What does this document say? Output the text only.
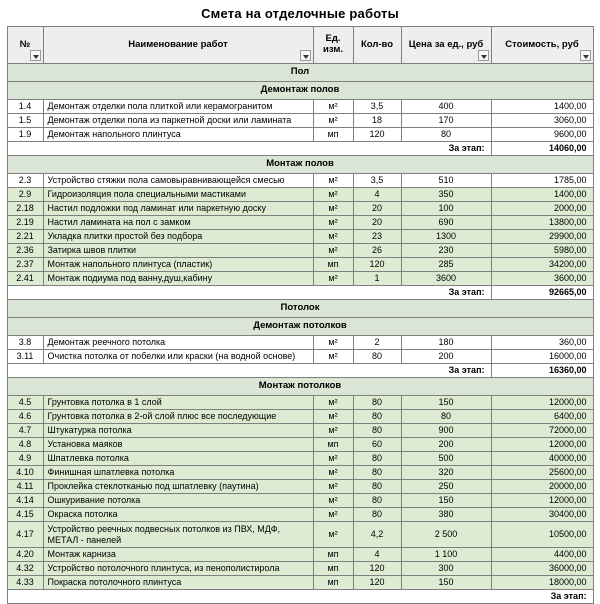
Смета на отделочные работы
№	Наименование работ	Ед. изм.	Кол-во	Цена за ед., руб	Стоимость, руб

Пол					
Демонтаж полов					
1.4	Демонтаж отделки пола плиткой или керамогранитом	м²	3,5	400	1400,00
1.5	Демонтаж отделки пола из паркетной доски или ламината	м²	18	170	3060,00
1.9	Демонтаж напольного плинтуса	мп	120	80	9600,00
За этап:					14060,00
Монтаж полов					
2.3	Устройство стяжки пола самовыравнивающейся смесью	м²	3,5	510	1785,00
2.9	Гидроизоляция пола специальными мастиками	м²	4	350	1400,00
2.18	Настил подложки под ламинат или паркетную доску	м²	20	100	2000,00
2.19	Настил ламината на пол с замком	м²	20	690	13800,00
2.21	Укладка плитки простой без подбора	м²	23	1300	29900,00
2.36	Затирка швов плитки	м²	26	230	5980,00
2.37	Монтаж напольного плинтуса (пластик)	мп	120	285	34200,00
2.41	Монтаж подиума под ванну,душ,кабину	м²	1	3600	3600,00
За этап:					92665,00
Потолок					
Демонтаж потолков					
3.8	Демонтаж реечного потолка	м²	2	180	360,00
3.11	Очистка потолка от побелки или краски (на водной основе)	м²	80	200	16000,00
За этап:					16360,00
Монтаж потолков					
4.5	Грунтовка потолка в 1 слой	м²	80	150	12000,00
4.6	Грунтовка потолка в 2-ой слой плюс все последующие	м²	80	80	6400,00
4.7	Штукатурка потолка	м²	80	900	72000,00
4.8	Установка маяков	мп	60	200	12000,00
4.9	Шпатлевка потолка	м²	80	500	40000,00
4.10	Финишная шпатлевка потолка	м²	80	320	25600,00
4.11	Проклейка стеклотканью под шпатлевку (паутина)	м²	80	250	20000,00
4.14	Ошкуривание потолка	м²	80	150	12000,00
4.15	Окраска потолка	м²	80	380	30400,00
4.17	Устройство реечных подвесных потолков из ПВХ, МДФ, МЕТАЛ - панелей	м²	4,2	2 500	10500,00
4.20	Монтаж карниза	мп	4	1 100	4400,00
4.32	Устройство потолочного плинтуса, из пенополистирола	мп	120	300	36000,00
4.33	Покраска потолочного плинтуса	мп	120	150	18000,00
За этап:					
